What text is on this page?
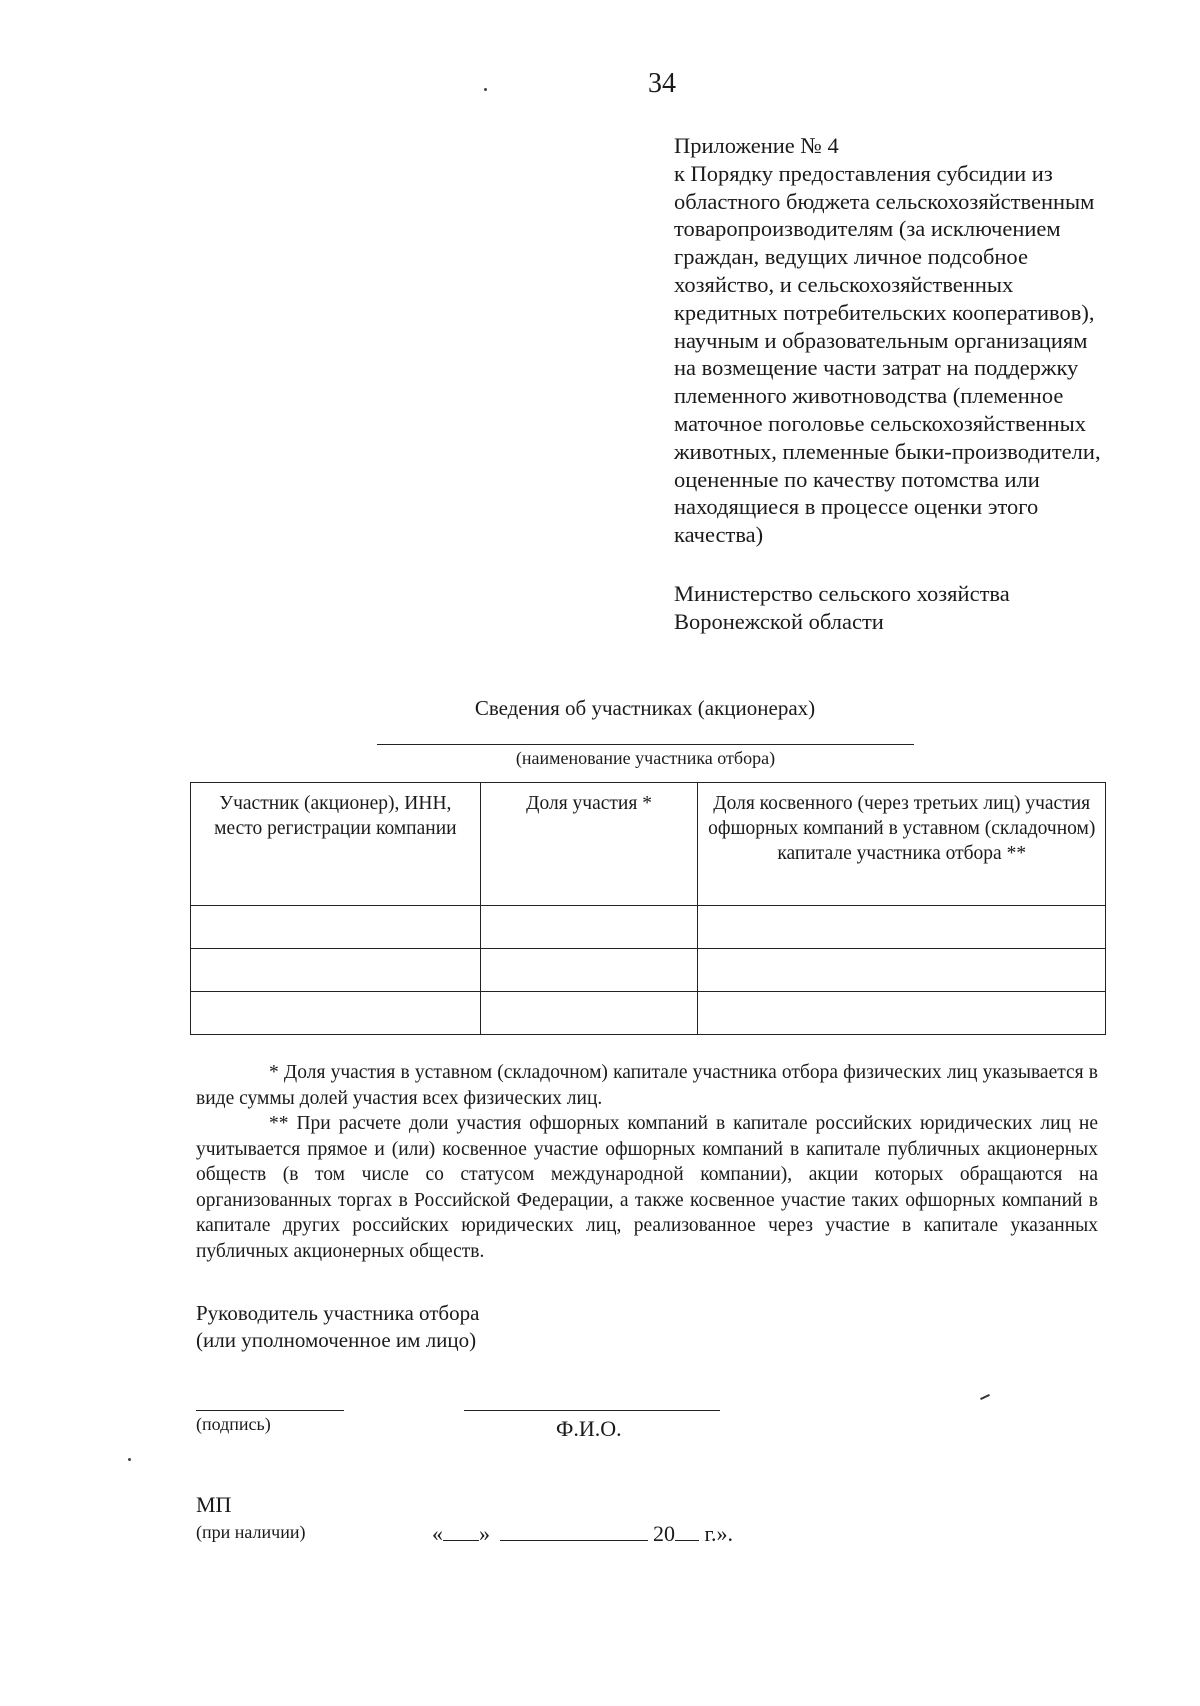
34
Приложение № 4
к Порядку предоставления субсидии из
областного бюджета сельскохозяйственным
товаропроизводителям (за исключением
граждан, ведущих личное подсобное
хозяйство, и сельскохозяйственных
кредитных потребительских кооперативов),
научным и образовательным организациям
на возмещение части затрат на поддержку
племенного животноводства (племенное
маточное поголовье сельскохозяйственных
животных, племенные быки-производители,
оцененные по качеству потомства или
находящиеся в процессе оценки этого
качества)
Министерство сельского хозяйства
Воронежской области
Сведения об участниках (акционерах)
(наименование участника отбора)
Участник (акционер), ИНН, место регистрации компании	Доля участия *	Доля косвенного (через третьих лиц) участия офшорных компаний в уставном (складочном) капитале участника отбора **

* Доля участия в уставном (складочном) капитале участника отбора физических лиц указывается в виде суммы долей участия всех физических лиц.

** При расчете доли участия офшорных компаний в капитале российских юридических лиц не учитывается прямое и (или) косвенное участие офшорных компаний в капитале публичных акционерных обществ (в том числе со статусом международной компании), акции которых обращаются на организованных торгах в Российской Федерации, а также косвенное участие таких офшорных компаний в капитале других российских юридических лиц, реализованное через участие в капитале указанных публичных акционерных обществ.

Руководитель участника отбора
(или уполномоченное им лицо)
(подпись)	Ф.И.О.
МП
(при наличии)	« »	20 г.».
